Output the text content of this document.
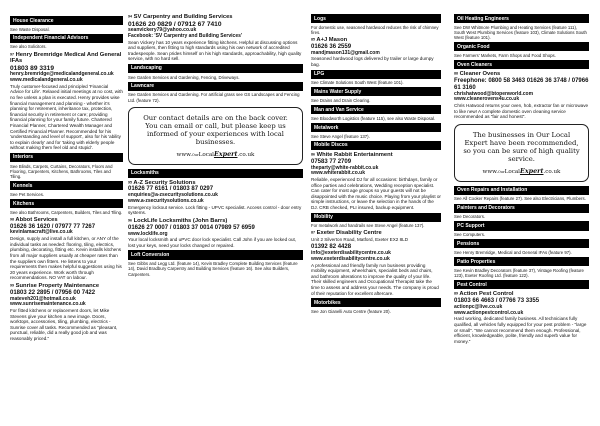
House Clearance
See Waste Disposal.
Independent Financial Advisors
See also Solicitors.
97 Henry Bremridge Medical And General IFAs
01803 89 3319
henry.bremridge@medicalandgeneral.co.uk
www.medicalandgeneral.co.uk
Truly customer-focused and principled 'Financial Advice for Life'. Relaxed initial meetings at no cost, with no fee unless a plan is executed. Henry provides wise financial management and planning - whether it's planning for retirement, inheritance tax, protection, financial security in retirement or care; providing financial planning for your family future. Chartered Financial Planner, Chartered Wealth Manager and Certified Financial Planner. Recommended for his 'understanding and level of support', also for his 'ability to explain clearly' and for 'taking with elderly people without making them feel old and stupid'.
Interiors
See Blinds, Carpets, Curtains, Decorators, Floors and Flooring, Carpenters, Kitchens, Bathrooms, Tiles and Tiling.
Kennels
See Pet Services.
Kitchens
See also Bathrooms, Carpenters, Builders, Tiles and Tiling.
98 Abbot Services
01626 36 1620 / 07977 77 7267
kevinlamacraft@live.co.uk
Design, supply and install a full kitchen, or ANY of the individual tasks as needed: flooring, tiling, electrics, plumbing, decorating, fitting etc. Kevin installs kitchens from all major suppliers usually at cheaper rates than the suppliers own fitters. He listens to your requirements then makes helpful suggestions using his 20 years experience. Work worth through recommendations. NO VAT on labour.
99 Sunrise Property Maintenance
01803 22 2895 / 07956 00 7422
mateveh201@hotmail.co.uk
www.sunrisemaintenance.co.uk
For fitted kitchens or replacement doors, let Mike Stevens give your kitchen a new image. Doors, worktops, accessories, tiling, plumbing, electrics - Sunrise cover all tasks. Recommended as "pleasant, punctual, reliable, did a really good job and was reasonably priced."
94 SV Carpentry and Building Services
01626 20 0829 / 07912 67 7410
seanvickery79@yahoo.co.uk
Facebook: 'SV Carpentry and Building Services'
Sean Vickery has 10 years experience fitting kitchens. Helpful at discussing options and suppliers, then fitting to high standards using his own network of accredited tradespeople. Sean prides himself on his high standards, approachability, high quality service, with no hard sell.
Landscaping
See Garden Services and Gardening, Fencing, Driveways.
Lawncare
See Garden Services and Gardening. For artificial grass see GS Landscapes and Fencing Ltd. (feature 72).
Our contact details are on the back cover. You can email or call, but please keep us informed of your experiences with local businesses.
www.OurLocalExpert.co.uk
Locksmiths
95 A-Z Security Solutions
01626 77 6161 / 01803 87 0297
enquiries@a-zsecuritysolutions.co.uk
www.a-zsecuritysolutions.co.uk
Emergency lockout service. Lock fitting - UPVC specialist. Access control - door entry systems.
96 LockLife Locksmiths (John Barrs)
01626 27 0007 / 01803 37 0014 07989 57 6959
www.locklife.org
Your local locksmith and uPVC door lock specialist. Call John if you are locked out, lost your keys, need your locks changed or repaired.
Loft Conversion
See Gibbs and Legg Ltd. (feature 14), Kevin Bradley Complete Building Services (feature 14), David Bradbury Carpentry and Building Services (feature 16). See also Builders, Carpenters.
Logs
For domestic use, seasoned hardwood reduces the risk of chimney fires.
85 A+J Mason
01626 36 2559
mandjmason131@gmail.com
Seasoned hardwood logs delivered by trailer or large dumpy bag.
LPG
See Climate Solutions South West (feature 101).
Mains Water Supply
See Drains and Drain Clearing.
Man and Van Service
See Bloodworth Logistics (feature 115), see also Waste Disposal.
Metalwork
See Steve Angel (feature 137).
Mobile Discos
86 White Rabbit Entertainment
07583 77 2709
theparty@white-rabbit.co.uk
www.whiterabbit.co.uk
Reliable, experienced DJ for all occasions: birthdays, family or office parties and celebrations, Wedding reception specialist. Can cater for most age groups so your guests will not be disappointed with the music choice. Playing from your playlist or simple instructions, or leave the selection in the hands of the DJ. CRB checked, PLI insured, backup equipment.
Mobility
For metalwork and handrails see Steve Angel (feature 137).
87 Exeter Disability Centre
Unit 2 Silverton Road, Matford, Exeter EX2 8LD
01392 82 4428
info@exeterdisabilitycentre.co.uk
www.exeterdisabilitycentre.co.uk
A professional and friendly family run business providing mobility equipment, wheelchairs, specialist beds and chairs, and bathroom alterations to improve the quality of your life. Their skilled engineers and Occupational Therapist take the time to assess and address your needs. The company is proud of their reputation for excellent aftercare.
Motorbikes
See Jon Gianelli Auto Centre (feature 20).
Oil Heating Engineers
See DW Whitmore Plumbing and Heating Services (feature 111), South West Plumbing Services (feature 103), Climate Solutions South West (feature 101).
Organic Food
See Farmers' Markets, Farm Shops and Food Shops.
Oven Cleaners
88 Cleaner Ovens
Freephone: 0800 58 3463 01626 36 3748 / 07966 61 3160
chrishatwood@btopenworld.com
www.cleanerovens4u.co.uk
Chris Hatwood returns your oven, hob, extractor fan or microwave to like new! A complete domestic oven cleaning service recommended as "fair and honest".
The businesses in Our Local Expert have been recommended, so you can be sure of high quality service.
www.OurLocalExpert.co.uk
Oven Repairs and Installation
See All Cooker Repairs (feature 27). See also Electricians, Plumbers.
Painters and Decorators
See Decorators.
PC Support
See Computers.
Pensions
See Henry Bremridge, Medical and General IFAs (feature 97).
Patio Properties
See Kevin Bradley Decorators (feature 37), Vintage Roofing (feature 123), Exeter Roofing Ltd. (feature 122).
Pest Control
89 Action Pest Control
01803 66 4663 / 07766 73 3355
actionpc@live.co.uk
www.actionpestcontrol.co.uk
Hard working, dedicated family business. All technicians fully qualified, all vehicles fully equipped for your pest problem - "large or small". "We cannot recommend them enough. Professional, efficient, knowledgeable, polite, friendly and superb value for money."
